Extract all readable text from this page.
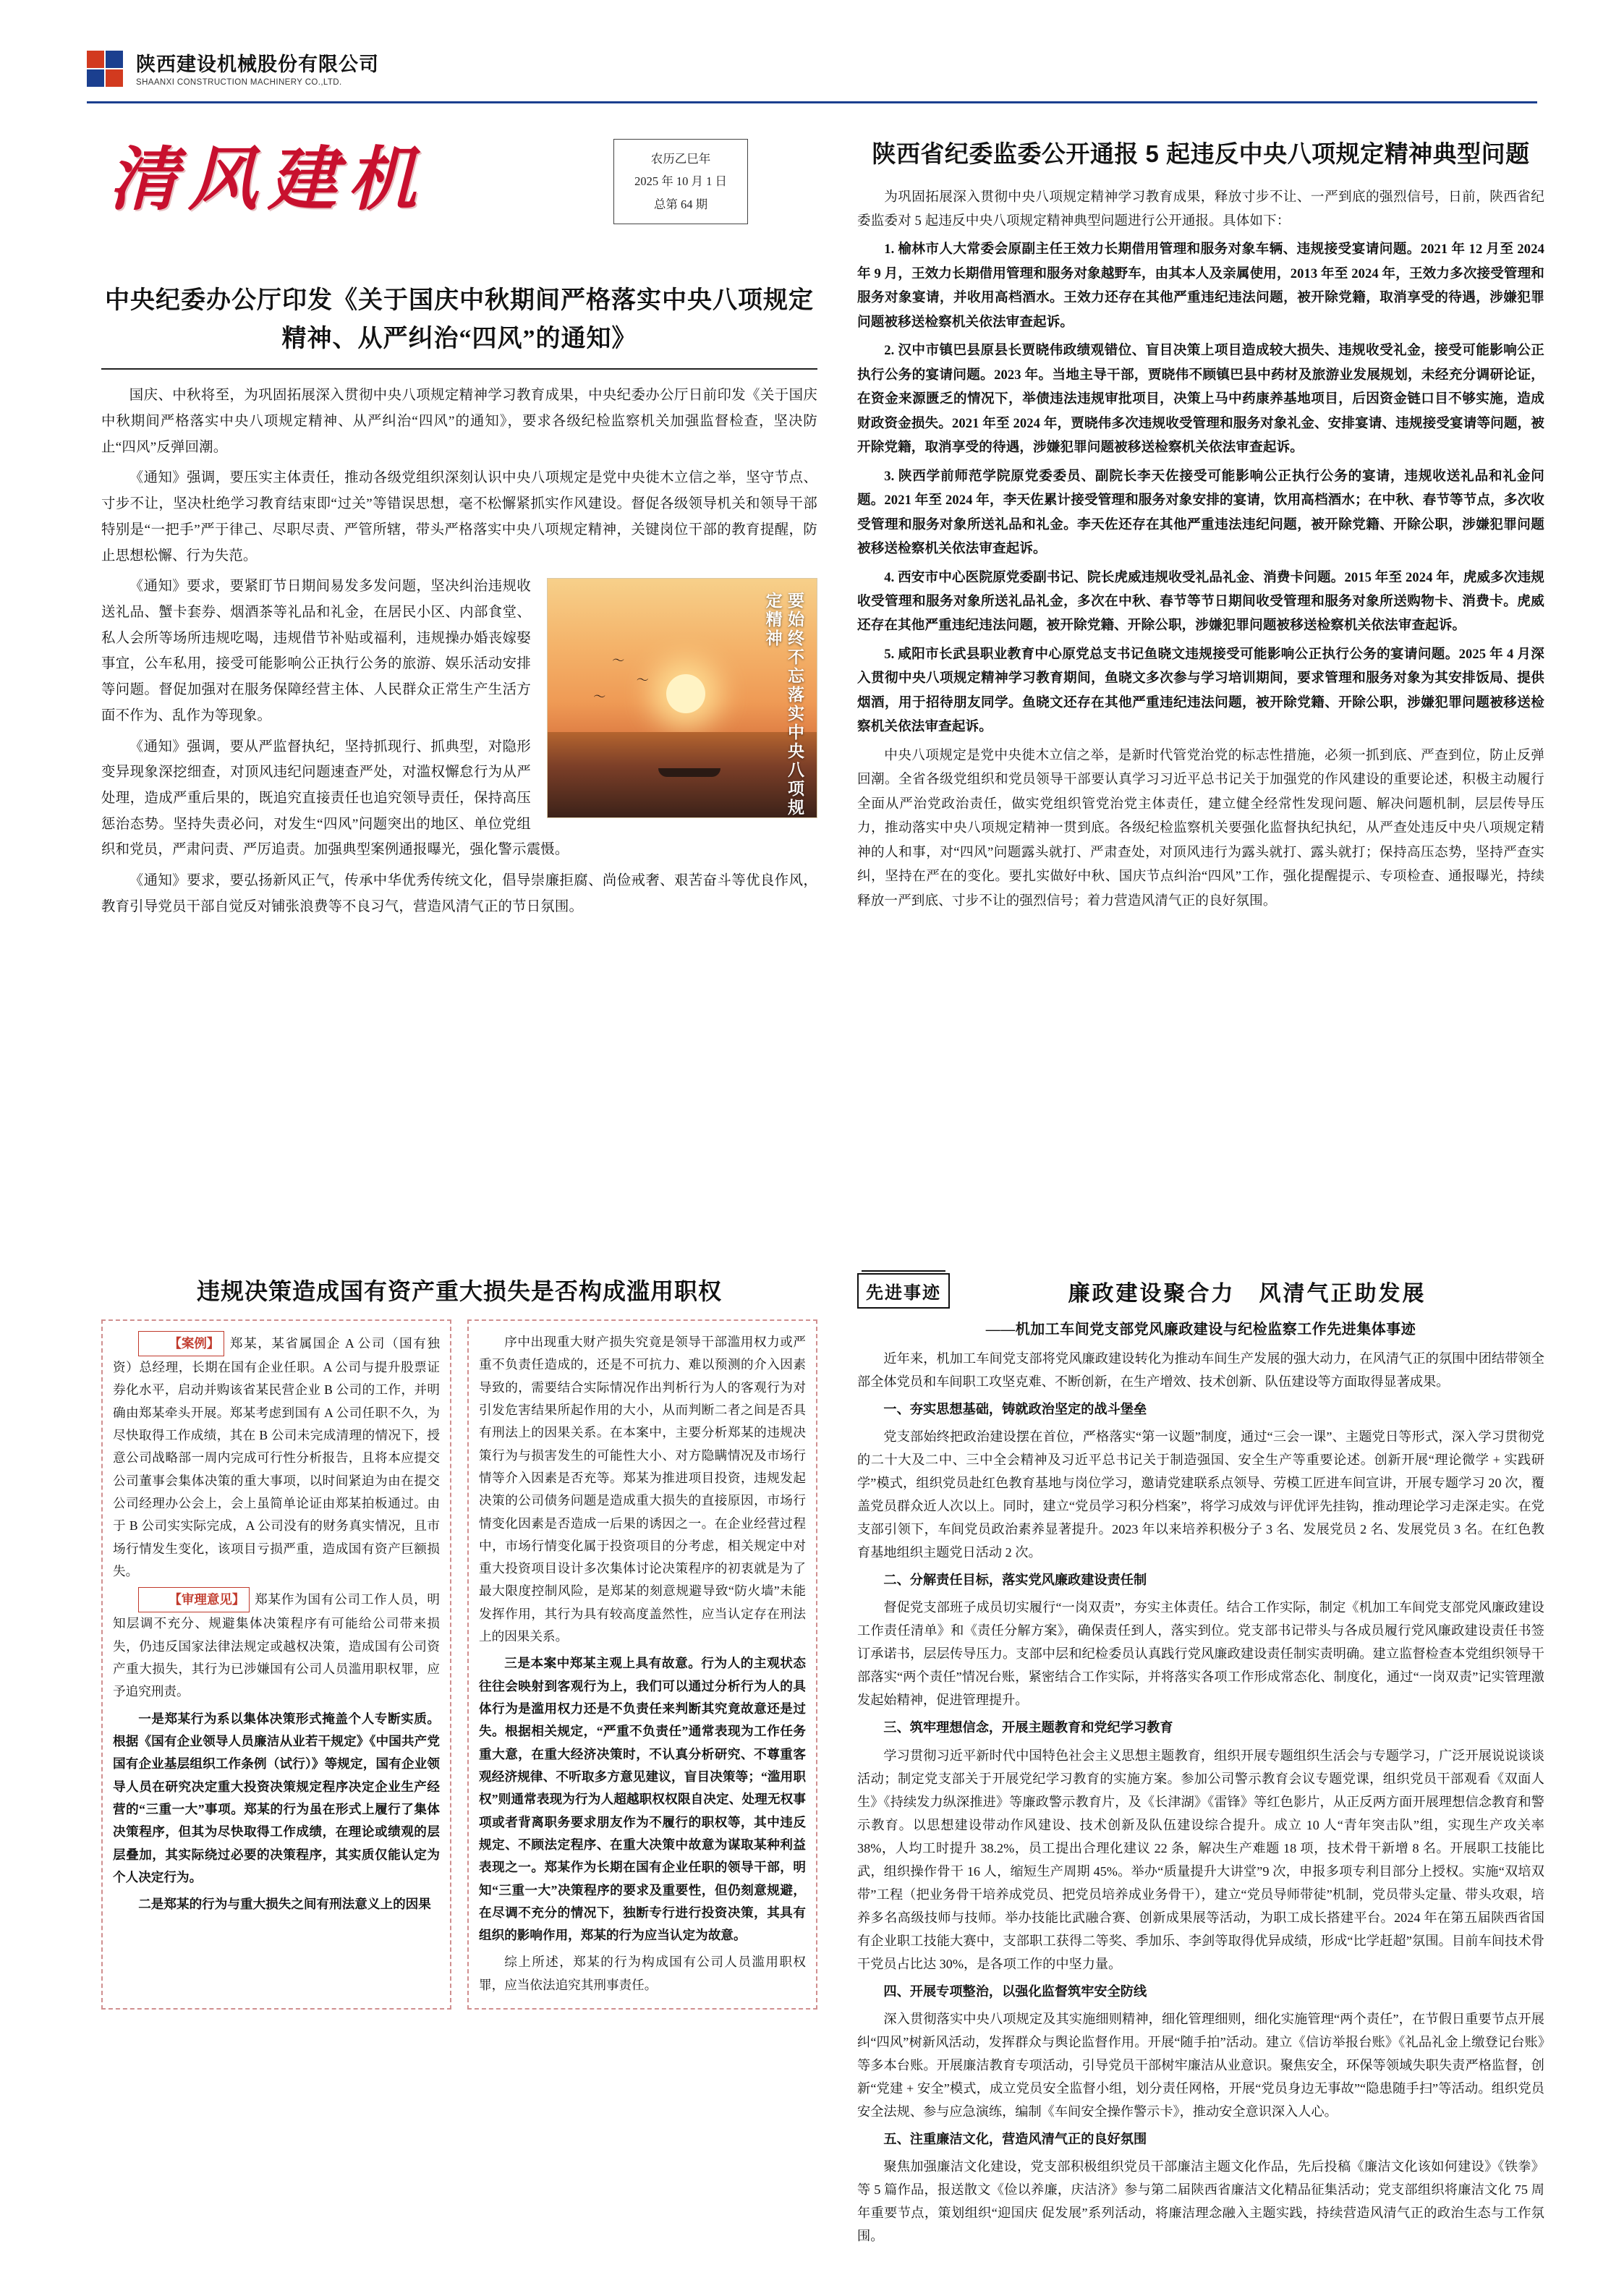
陕西建设机械股份有限公司
SHAANXI CONSTRUCTION MACHINERY CO.,LTD.
清风建机	农历乙巳年
2025 年 10 月 1 日
总第 64 期
中央纪委办公厅印发《关于国庆中秋期间严格落实中央八项规定精神、从严纠治“四风”的通知》

国庆、中秋将至，为巩固拓展深入贯彻中央八项规定精神学习教育成果，中央纪委办公厅日前印发《关于国庆中秋期间严格落实中央八项规定精神、从严纠治“四风”的通知》，要求各级纪检监察机关加强监督检查，坚决防止“四风”反弹回潮。

《通知》强调，要压实主体责任，推动各级党组织深刻认识中央八项规定是党中央徙木立信之举，坚守节点、寸步不让，坚决杜绝学习教育结束即“过关”等错误思想，毫不松懈紧抓实作风建设。督促各级领导机关和领导干部特别是“一把手”严于律己、尽职尽责、严管所辖，带头严格落实中央八项规定精神，关键岗位干部的教育提醒，防止思想松懈、行为失范。

〜
〜
〜	要始终不忘落实中央八项规定精神

《通知》要求，要紧盯节日期间易发多发问题，坚决纠治违规收送礼品、蟹卡套券、烟酒茶等礼品和礼金，在居民小区、内部食堂、私人会所等场所违规吃喝，违规借节补贴或福利，违规操办婚丧嫁娶事宜，公车私用，接受可能影响公正执行公务的旅游、娱乐活动安排等问题。督促加强对在服务保障经营主体、人民群众正常生产生活方面不作为、乱作为等现象。

《通知》强调，要从严监督执纪，坚持抓现行、抓典型，对隐形变异现象深挖细查，对顶风违纪问题速查严处，对滥权懈怠行为从严处理，造成严重后果的，既追究直接责任也追究领导责任，保持高压惩治态势。坚持失责必问，对发生“四风”问题突出的地区、单位党组织和党员，严肃问责、严厉追责。加强典型案例通报曝光，强化警示震慑。

《通知》要求，要弘扬新风正气，传承中华优秀传统文化，倡导崇廉拒腐、尚俭戒奢、艰苦奋斗等优良作风，教育引导党员干部自觉反对铺张浪费等不良习气，营造风清气正的节日氛围。

陕西省纪委监委公开通报 5 起违反中央八项规定精神典型问题

为巩固拓展深入贯彻中央八项规定精神学习教育成果，释放寸步不让、一严到底的强烈信号，日前，陕西省纪委监委对 5 起违反中央八项规定精神典型问题进行公开通报。具体如下：

1. 榆林市人大常委会原副主任王效力长期借用管理和服务对象车辆、违规接受宴请问题。2021 年 12 月至 2024 年 9 月，王效力长期借用管理和服务对象越野车，由其本人及亲属使用，2013 年至 2024 年，王效力多次接受管理和服务对象宴请，并收用高档酒水。王效力还存在其他严重违纪违法问题，被开除党籍，取消享受的待遇，涉嫌犯罪问题被移送检察机关依法审查起诉。

2. 汉中市镇巴县原县长贾晓伟政绩观错位、盲目决策上项目造成较大损失、违规收受礼金，接受可能影响公正执行公务的宴请问题。2023 年。当地主导干部，贾晓伟不顾镇巴县中药材及旅游业发展规划，未经充分调研论证，在资金来源匮乏的情况下，举债违法违规审批项目，决策上马中药康养基地项目，后因资金链口目不够实施，造成财政资金损失。2021 年至 2024 年，贾晓伟多次违规收受管理和服务对象礼金、安排宴请、违规接受宴请等问题，被开除党籍，取消享受的待遇，涉嫌犯罪问题被移送检察机关依法审查起诉。

3. 陕西学前师范学院原党委委员、副院长李天佐接受可能影响公正执行公务的宴请，违规收送礼品和礼金问题。2021 年至 2024 年，李天佐累计接受管理和服务对象安排的宴请，饮用高档酒水；在中秋、春节等节点，多次收受管理和服务对象所送礼品和礼金。李天佐还存在其他严重违法违纪问题，被开除党籍、开除公职，涉嫌犯罪问题被移送检察机关依法审查起诉。

4. 西安市中心医院原党委副书记、院长虎威违规收受礼品礼金、消费卡问题。2015 年至 2024 年，虎威多次违规收受管理和服务对象所送礼品礼金，多次在中秋、春节等节日期间收受管理和服务对象所送购物卡、消费卡。虎威还存在其他严重违纪违法问题，被开除党籍、开除公职，涉嫌犯罪问题被移送检察机关依法审查起诉。

5. 咸阳市长武县职业教育中心原党总支书记鱼晓文违规接受可能影响公正执行公务的宴请问题。2025 年 4 月深入贯彻中央八项规定精神学习教育期间，鱼晓文多次参与学习培训期间，要求管理和服务对象为其安排饭局、提供烟酒，用于招待朋友同学。鱼晓文还存在其他严重违纪违法问题，被开除党籍、开除公职，涉嫌犯罪问题被移送检察机关依法审查起诉。

中央八项规定是党中央徙木立信之举，是新时代管党治党的标志性措施，必须一抓到底、严查到位，防止反弹回潮。全省各级党组织和党员领导干部要认真学习习近平总书记关于加强党的作风建设的重要论述，积极主动履行全面从严治党政治责任，做实党组织管党治党主体责任，建立健全经常性发现问题、解决问题机制，层层传导压力，推动落实中央八项规定精神一贯到底。各级纪检监察机关要强化监督执纪执纪，从严查处违反中央八项规定精神的人和事，对“四风”问题露头就打、严肃查处，对顶风违行为露头就打、露头就打；保持高压态势，坚持严查实纠，坚持在严在的变化。要扎实做好中秋、国庆节点纠治“四风”工作，强化提醒提示、专项检查、通报曝光，持续释放一严到底、寸步不让的强烈信号；着力营造风清气正的良好氛围。

违规决策造成国有资产重大损失是否构成滥用职权

【案例】 郑某，某省属国企 A 公司（国有独资）总经理，长期在国有企业任职。A 公司与提升股票证券化水平，启动并购该省某民营企业 B 公司的工作，并明确由郑某牵头开展。郑某考虑到国有 A 公司任职不久，为尽快取得工作成绩，其在 B 公司未完成清理的情况下，授意公司战略部一周内完成可行性分析报告，且将本应提交公司董事会集体决策的重大事项，以时间紧迫为由在提交公司经理办公会上，会上虽简单论证由郑某拍板通过。由于 B 公司实实际完成，A 公司没有的财务真实情况，且市场行情发生变化，该项目亏损严重，造成国有资产巨额损失。

【审理意见】 郑某作为国有公司工作人员，明知层调不充分、规避集体决策程序有可能给公司带来损失，仍违反国家法律法规定或越权决策，造成国有公司资产重大损失，其行为已涉嫌国有公司人员滥用职权罪，应予追究刑责。

一是郑某行为系以集体决策形式掩盖个人专断实质。根据《国有企业领导人员廉洁从业若干规定》《中国共产党国有企业基层组织工作条例（试行）》等规定，国有企业领导人员在研究决定重大投资决策规定程序决定企业生产经营的“三重一大”事项。郑某的行为虽在形式上履行了集体决策程序，但其为尽快取得工作成绩，在理论或绩观的层层叠加，其实际绕过必要的决策程序，其实质仅能认定为个人决定行为。

二是郑某的行为与重大损失之间有刑法意义上的因果

序中出现重大财产损失究竟是领导干部滥用权力或严重不负责任造成的，还是不可抗力、难以预测的介入因素导致的，需要结合实际情况作出判析行为人的客观行为对引发危害结果所起作用的大小，从而判断二者之间是否具有刑法上的因果关系。在本案中，主要分析郑某的违规决策行为与损害发生的可能性大小、对方隐瞒情况及市场行情等介入因素是否充等。郑某为推进项目投资，违规发起决策的公司债务问题是造成重大损失的直接原因，市场行情变化因素是否造成一后果的诱因之一。在企业经营过程中，市场行情变化属于投资项目的分考虑，相关规定中对重大投资项目设计多次集体讨论决策程序的初衷就是为了最大限度控制风险，是郑某的刻意规避导致“防火墙”未能发挥作用，其行为具有较高度盖然性，应当认定存在刑法上的因果关系。

三是本案中郑某主观上具有故意。行为人的主观状态往往会映射到客观行为上，我们可以通过分析行为人的具体行为是滥用权力还是不负责任来判断其究竟故意还是过失。根据相关规定，“严重不负责任”通常表现为工作任务重大意，在重大经济决策时，不认真分析研究、不尊重客观经济规律、不听取多方意见建议，盲目决策等；“滥用职权”则通常表现为行为人超越职权权限自决定、处理无权事项或者背离职务要求朋友作为不履行的职权等，其中违反规定、不顾法定程序、在重大决策中故意为谋取某种利益表现之一。郑某作为长期在国有企业任职的领导干部，明知“三重一大”决策程序的要求及重要性，但仍刻意规避，在尽调不充分的情况下，独断专行进行投资决策，其具有组织的影响作用，郑某的行为应当认定为故意。

综上所述，郑某的行为构成国有公司人员滥用职权罪，应当依法追究其刑事责任。

先进事迹	廉政建设聚合力　风清气正助发展
——机加工车间党支部党风廉政建设与纪检监察工作先进集体事迹

近年来，机加工车间党支部将党风廉政建设转化为推动车间生产发展的强大动力，在风清气正的氛围中团结带领全部全体党员和车间职工攻坚克难、不断创新，在生产增效、技术创新、队伍建设等方面取得显著成果。

一、夯实思想基础，铸就政治坚定的战斗堡垒

党支部始终把政治建设摆在首位，严格落实“第一议题”制度，通过“三会一课”、主题党日等形式，深入学习贯彻党的二十大及二中、三中全会精神及习近平总书记关于制造强国、安全生产等重要论述。创新开展“理论微学 + 实践研学”模式，组织党员赴红色教育基地与岗位学习，邀请党建联系点领导、劳模工匠进车间宣讲，开展专题学习 20 次，覆盖党员群众近人次以上。同时，建立“党员学习积分档案”，将学习成效与评优评先挂钩，推动理论学习走深走实。在党支部引领下，车间党员政治素养显著提升。2023 年以来培养积极分子 3 名、发展党员 2 名、发展党员 3 名。在红色教育基地组织主题党日活动 2 次。

二、分解责任目标，落实党风廉政建设责任制

督促党支部班子成员切实履行“一岗双责”，夯实主体责任。结合工作实际，制定《机加工车间党支部党风廉政建设工作责任清单》和《责任分解方案》，确保责任到人，落实到位。党支部书记带头与各成员履行党风廉政建设责任书签订承诺书，层层传导压力。支部中层和纪检委员认真践行党风廉政建设责任制实责明确。建立监督检查本党组织领导干部落实“两个责任”情况台账，紧密结合工作实际，并将落实各项工作形成常态化、制度化，通过“一岗双责”记实管理激发起始精神，促进管理提升。

三、筑牢理想信念，开展主题教育和党纪学习教育

学习贯彻习近平新时代中国特色社会主义思想主题教育，组织开展专题组织生活会与专题学习，广泛开展说说谈谈活动；制定党支部关于开展党纪学习教育的实施方案。参加公司警示教育会议专题党课，组织党员干部观看《双面人生》《持续发力纵深推进》等廉政警示教育片，及《长津湖》《雷锋》等红色影片，从正反两方面开展理想信念教育和警示教育。以思想建设带动作风建设、技术创新及队伍建设综合提升。成立 10 人“青年突击队”组，实现生产攻关率 38%，人均工时提升 38.2%，员工提出合理化建议 22 条，解决生产难题 18 项，技术骨干新增 8 名。开展职工技能比武，组织操作骨干 16 人，缩短生产周期 45%。举办“质量提升大讲堂”9 次，申报多项专利目部分上授权。实施“双培双带”工程（把业务骨干培养成党员、把党员培养成业务骨干），建立“党员导师带徒”机制，党员带头定量、带头攻艰，培养多名高级技师与技师。举办技能比武融合赛、创新成果展等活动，为职工成长搭建平台。2024 年在第五届陕西省国有企业职工技能大赛中，支部职工获得二等奖、季加乐、李剑等取得优异成绩，形成“比学赶超”氛围。目前车间技术骨干党员占比达 30%，是各项工作的中坚力量。

四、开展专项整治，以强化监督筑牢安全防线

深入贯彻落实中央八项规定及其实施细则精神，细化管理细则，细化实施管理“两个责任”，在节假日重要节点开展纠“四风”树新风活动，发挥群众与舆论监督作用。开展“随手拍”活动。建立《信访举报台账》《礼品礼金上缴登记台账》等多本台账。开展廉洁教育专项活动，引导党员干部树牢廉洁从业意识。聚焦安全，环保等领域失职失责严格监督，创新“党建 + 安全”模式，成立党员安全监督小组，划分责任网格，开展“党员身边无事故”“隐患随手扫”等活动。组织党员安全法规、参与应急演练，编制《车间安全操作警示卡》，推动安全意识深入人心。

五、注重廉洁文化，营造风清气正的良好氛围

聚焦加强廉洁文化建设，党支部积极组织党员干部廉洁主题文化作品，先后投稿《廉洁文化该如何建设》《铁拳》等 5 篇作品，报送散文《俭以养廉，庆洁济》参与第二届陕西省廉洁文化精品征集活动；党支部组织将廉洁文化 75 周年重要节点，策划组织“迎国庆 促发展”系列活动，将廉洁理念融入主题实践，持续营造风清气正的政治生态与工作氛围。
